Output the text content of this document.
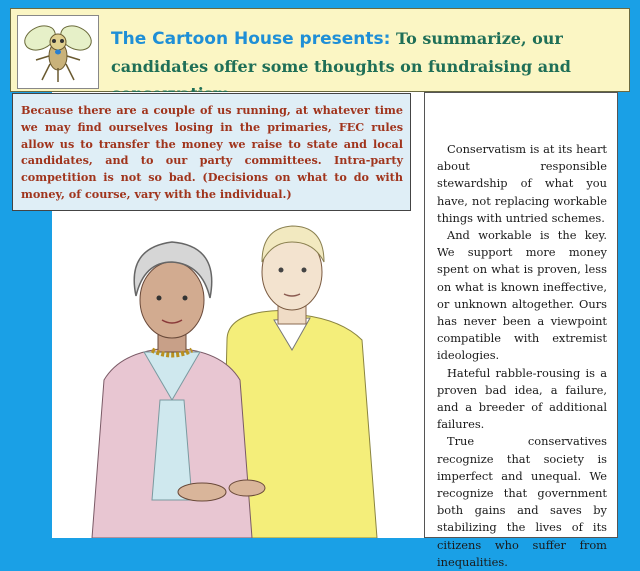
The Cartoon House presents: To summarize, our candidates offer some thoughts on fundraising and

Conservatism is at its heart about responsible stewardship of what you have, not replacing workable things with untried schemes.

And workable is the key. We support more money spent on what is proven, less on what is known ineffective, or unknown altogether. Ours has never been a viewpoint compatible with extremist ideologies.

Hateful rabble-rousing is a proven bad idea, a failure, and a breeder of additional failures.

True conservatives recognize that society is imperfect and unequal. We recognize that government both gains and saves by stabilizing the lives of its citizens who suffer from inequalities.

Because there are a couple of us running, at whatever time we may find ourselves losing in the primaries, FEC rules allow us to transfer the money we raise to state and local candidates, and to our party committees. Intra-party competition is not so bad. (Decisions on what to do with money, of course, vary with the individual.)
